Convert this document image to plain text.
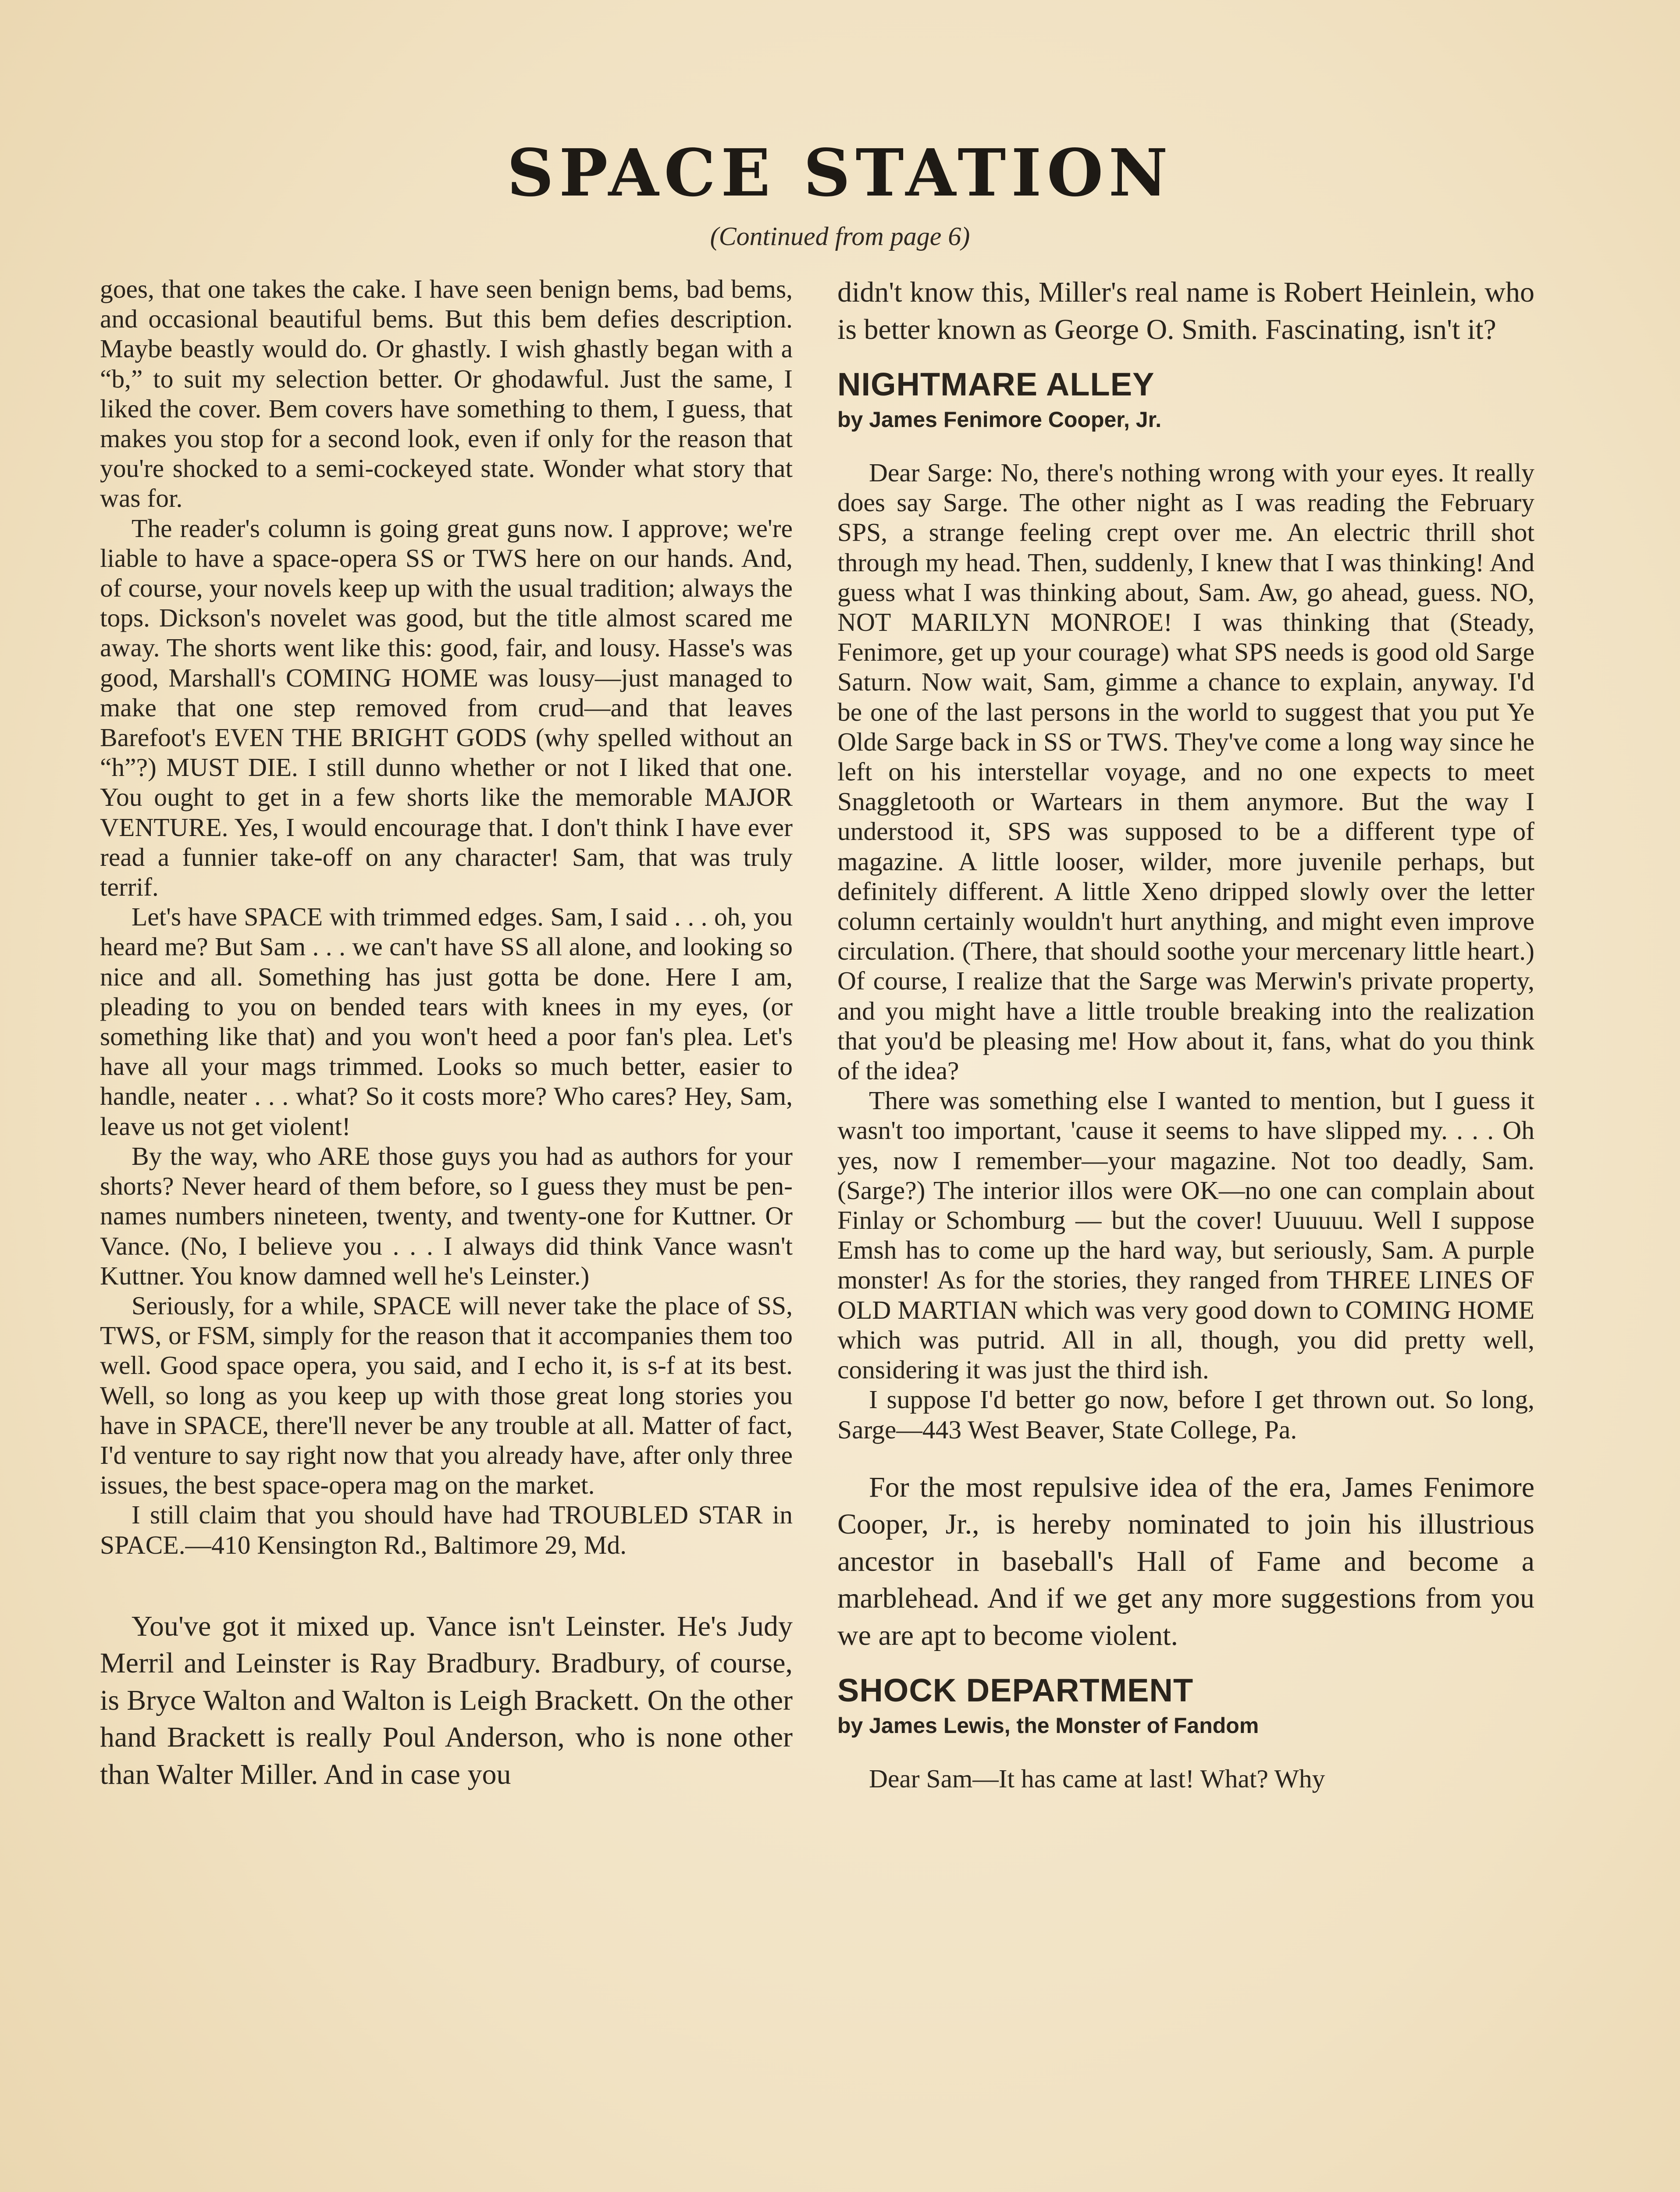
SPACE STATION
(Continued from page 6)

goes, that one takes the cake. I have seen benign bems, bad bems, and occasional beautiful bems. But this bem defies description. Maybe beastly would do. Or ghastly. I wish ghastly began with a “b,” to suit my selection better. Or ghodawful. Just the same, I liked the cover. Bem covers have something to them, I guess, that makes you stop for a second look, even if only for the reason that you're shocked to a semi-cockeyed state. Wonder what story that was for.

The reader's column is going great guns now. I approve; we're liable to have a space-opera SS or TWS here on our hands. And, of course, your novels keep up with the usual tradition; always the tops. Dickson's novelet was good, but the title almost scared me away. The shorts went like this: good, fair, and lousy. Hasse's was good, Marshall's COMING HOME was lousy—just managed to make that one step removed from crud—and that leaves Barefoot's EVEN THE BRIGHT GODS (why spelled without an “h”?) MUST DIE. I still dunno whether or not I liked that one. You ought to get in a few shorts like the memorable MAJOR VENTURE. Yes, I would encourage that. I don't think I have ever read a funnier take-off on any character! Sam, that was truly terrif.

Let's have SPACE with trimmed edges. Sam, I said . . . oh, you heard me? But Sam . . . we can't have SS all alone, and looking so nice and all. Something has just gotta be done. Here I am, pleading to you on bended tears with knees in my eyes, (or something like that) and you won't heed a poor fan's plea. Let's have all your mags trimmed. Looks so much better, easier to handle, neater . . . what? So it costs more? Who cares? Hey, Sam, leave us not get violent!

By the way, who ARE those guys you had as authors for your shorts? Never heard of them before, so I guess they must be pen-names numbers nineteen, twenty, and twenty-one for Kuttner. Or Vance. (No, I believe you . . . I always did think Vance wasn't Kuttner. You know damned well he's Leinster.)

Seriously, for a while, SPACE will never take the place of SS, TWS, or FSM, simply for the reason that it accompanies them too well. Good space opera, you said, and I echo it, is s-f at its best. Well, so long as you keep up with those great long stories you have in SPACE, there'll never be any trouble at all. Matter of fact, I'd venture to say right now that you already have, after only three issues, the best space-opera mag on the market.

I still claim that you should have had TROUBLED STAR in SPACE.—410 Kensington Rd., Baltimore 29, Md.

You've got it mixed up. Vance isn't Leinster. He's Judy Merril and Leinster is Ray Bradbury. Bradbury, of course, is Bryce Walton and Walton is Leigh Brackett. On the other hand Brackett is really Poul Anderson, who is none other than Walter Miller. And in case you

didn't know this, Miller's real name is Robert Heinlein, who is better known as George O. Smith. Fascinating, isn't it?

NIGHTMARE ALLEY
by James Fenimore Cooper, Jr.

Dear Sarge: No, there's nothing wrong with your eyes. It really does say Sarge. The other night as I was reading the February SPS, a strange feeling crept over me. An electric thrill shot through my head. Then, suddenly, I knew that I was thinking! And guess what I was thinking about, Sam. Aw, go ahead, guess. NO, NOT MARILYN MONROE! I was thinking that (Steady, Fenimore, get up your courage) what SPS needs is good old Sarge Saturn. Now wait, Sam, gimme a chance to explain, anyway. I'd be one of the last persons in the world to suggest that you put Ye Olde Sarge back in SS or TWS. They've come a long way since he left on his interstellar voyage, and no one expects to meet Snaggletooth or Wartears in them anymore. But the way I understood it, SPS was supposed to be a different type of magazine. A little looser, wilder, more juvenile perhaps, but definitely different. A little Xeno dripped slowly over the letter column certainly wouldn't hurt anything, and might even improve circulation. (There, that should soothe your mercenary little heart.) Of course, I realize that the Sarge was Merwin's private property, and you might have a little trouble breaking into the realization that you'd be pleasing me! How about it, fans, what do you think of the idea?

There was something else I wanted to mention, but I guess it wasn't too important, 'cause it seems to have slipped my. . . . Oh yes, now I remember—your magazine. Not too deadly, Sam. (Sarge?) The interior illos were OK—no one can complain about Finlay or Schomburg — but the cover! Uuuuuu. Well I suppose Emsh has to come up the hard way, but seriously, Sam. A purple monster! As for the stories, they ranged from THREE LINES OF OLD MARTIAN which was very good down to COMING HOME which was putrid. All in all, though, you did pretty well, considering it was just the third ish.

I suppose I'd better go now, before I get thrown out. So long, Sarge—443 West Beaver, State College, Pa.

For the most repulsive idea of the era, James Fenimore Cooper, Jr., is hereby nominated to join his illustrious ancestor in baseball's Hall of Fame and become a marblehead. And if we get any more suggestions from you we are apt to become violent.

SHOCK DEPARTMENT
by James Lewis, the Monster of Fandom

Dear Sam—It has came at last! What? Why
